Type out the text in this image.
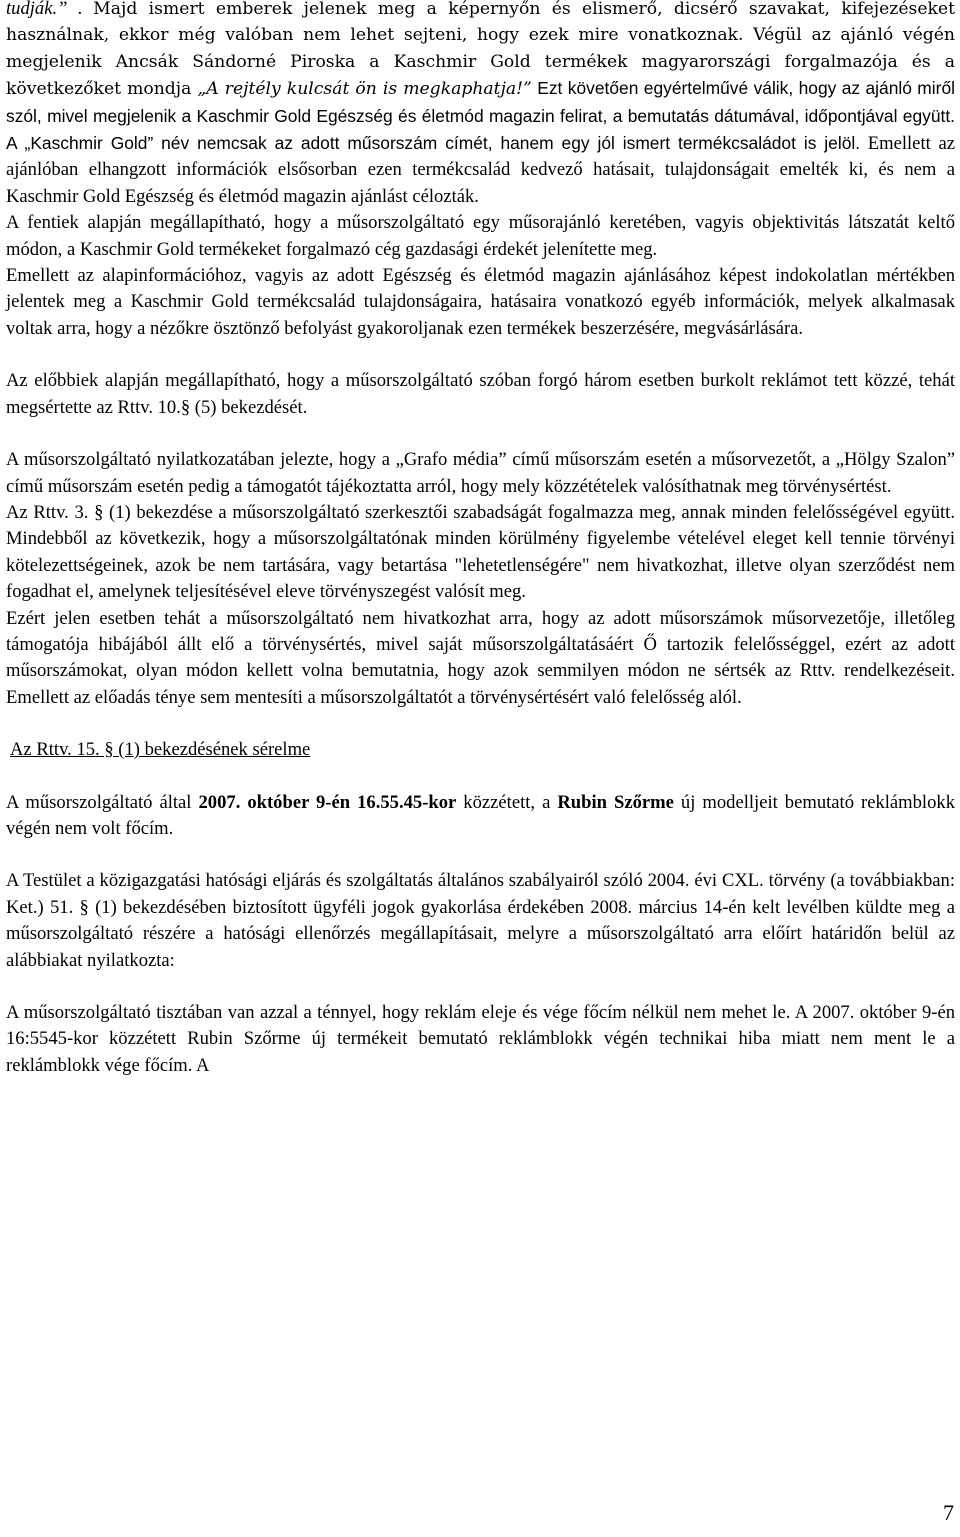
tudják.” . Majd ismert emberek jelenek meg a képernyőn és elismerő, dicsérő szavakat, kifejezéseket használnak, ekkor még valóban nem lehet sejteni, hogy ezek mire vonatkoznak. Végül az ajánló végén megjelenik Ancsák Sándorné Piroska a Kaschmir Gold termékek magyarországi forgalmazója és a következőket mondja „A rejtély kulcsát ön is megkaphatja!” Ezt követően egyértelművé válik, hogy az ajánló miről szól, mivel megjelenik a Kaschmir Gold Egészség és életmód magazin felirat, a bemutatás dátumával, időpontjával együtt. A „Kaschmir Gold” név nemcsak az adott műsorszám címét, hanem egy jól ismert termékcsaládot is jelöl. Emellett az ajánlóban elhangzott információk elsősorban ezen termékcsalád kedvező hatásait, tulajdonságait emelték ki, és nem a Kaschmir Gold Egészség és életmód magazin ajánlást célozták.

A fentiek alapján megállapítható, hogy a műsorszolgáltató egy műsorajánló keretében, vagyis objektivitás látszatát keltő módon, a Kaschmir Gold termékeket forgalmazó cég gazdasági érdekét jelenítette meg.

Emellett az alapinformációhoz, vagyis az adott Egészség és életmód magazin ajánlásához képest indokolatlan mértékben jelentek meg a Kaschmir Gold termékcsalád tulajdonságaira, hatásaira vonatkozó egyéb információk, melyek alkalmasak voltak arra, hogy a nézőkre ösztönző befolyást gyakoroljanak ezen termékek beszerzésére, megvásárlására.

Az előbbiek alapján megállapítható, hogy a műsorszolgáltató szóban forgó három esetben burkolt reklámot tett közzé, tehát megsértette az Rttv. 10.§ (5) bekezdését.

A műsorszolgáltató nyilatkozatában jelezte, hogy a „Grafo média” című műsorszám esetén a műsorvezetőt, a „Hölgy Szalon” című műsorszám esetén pedig a támogatót tájékoztatta arról, hogy mely közzétételek valósíthatnak meg törvénysértést.

Az Rttv. 3. § (1) bekezdése a műsorszolgáltató szerkesztői szabadságát fogalmazza meg, annak minden felelősségével együtt. Mindebből az következik, hogy a műsorszolgáltatónak minden körülmény figyelembe vételével eleget kell tennie törvényi kötelezettségeinek, azok be nem tartására, vagy betartása "lehetetlenségére" nem hivatkozhat, illetve olyan szerződést nem fogadhat el, amelynek teljesítésével eleve törvényszegést valósít meg.

Ezért jelen esetben tehát a műsorszolgáltató nem hivatkozhat arra, hogy az adott műsorszámok műsorvezetője, illetőleg támogatója hibájából állt elő a törvénysértés, mivel saját műsorszolgáltatásáért Ő tartozik felelősséggel, ezért az adott műsorszámokat, olyan módon kellett volna bemutatnia, hogy azok semmilyen módon ne sértsék az Rttv. rendelkezéseit. Emellett az előadás ténye sem mentesíti a műsorszolgáltatót a törvénysértésért való felelősség alól.

Az Rttv. 15. § (1) bekezdésének sérelme

A műsorszolgáltató által 2007. október 9-én 16.55.45-kor közzétett, a Rubin Szőrme új modelljeit bemutató reklámblokk végén nem volt főcím.

A Testület a közigazgatási hatósági eljárás és szolgáltatás általános szabályairól szóló 2004. évi CXL. törvény (a továbbiakban: Ket.) 51. § (1) bekezdésében biztosított ügyféli jogok gyakorlása érdekében 2008. március 14-én kelt levélben küldte meg a műsorszolgáltató részére a hatósági ellenőrzés megállapításait, melyre a műsorszolgáltató arra előírt határidőn belül az alábbiakat nyilatkozta:

A műsorszolgáltató tisztában van azzal a ténnyel, hogy reklám eleje és vége főcím nélkül nem mehet le. A 2007. október 9-én 16:5545-kor közzétett Rubin Szőrme új termékeit bemutató reklámblokk végén technikai hiba miatt nem ment le a reklámblokk vége főcím. A

7
